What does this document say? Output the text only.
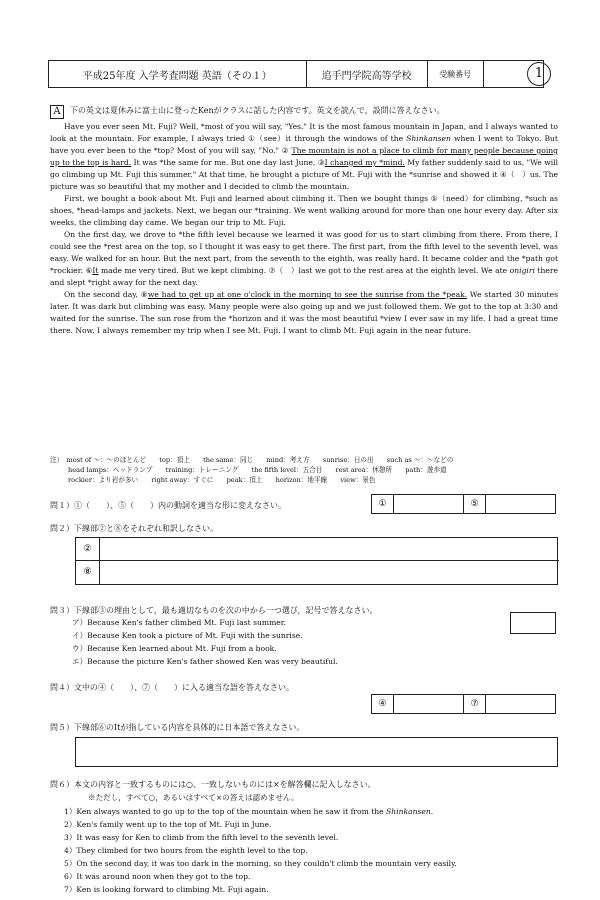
平成25年度 入学考査問題 英語（その１）	追手門学院高等学校	受験番号			1
A	下の英文は夏休みに富士山に登ったKenがクラスに話した内容です。英文を読んで，設問に答えなさい。

Have you ever seen Mt. Fuji? Well, *most of you will say, "Yes." It is the most famous mountain in Japan, and I always wanted to look at the mountain. For example, I always tried ①（see）it through the windows of the Shinkansen when I went to Tokyo. But have you ever been to the *top? Most of you will say, "No." ② The mountain is not a place to climb for many people because going up to the top is hard. It was *the same for me. But one day last June, ③I changed my *mind. My father suddenly said to us, "We will go climbing up Mt. Fuji this summer." At that time, he brought a picture of Mt. Fuji with the *sunrise and showed it ④（　）us. The picture was so beautiful that my mother and I decided to climb the mountain.

First, we bought a book about Mt. Fuji and learned about climbing it. Then we bought things ⑤（need）for climbing, *such as shoes, *head-lamps and jackets. Next, we began our *training. We went walking around for more than one hour every day. After six weeks, the climbing day came. We began our trip to Mt. Fuji.

On the first day, we drove to *the fifth level because we learned it was good for us to start climbing from there. From there, I could see the *rest area on the top, so I thought it was easy to get there. The first part, from the fifth level to the seventh level, was easy. We walked for an hour. But the next part, from the seventh to the eighth, was really hard. It became colder and the *path got *rockier. ⑥It made me very tired. But we kept climbing. ⑦（　）last we got to the rest area at the eighth level. We ate onigiri there and slept *right away for the next day.

On the second day, ⑧we had to get up at one o'clock in the morning to see the sunrise from the *peak. We started 30 minutes later. It was dark but climbing was easy. Many people were also going up and we just followed them. We got to the top at 3:30 and waited for the sunrise. The sun rose from the *horizon and it was the most beautiful *view I ever saw in my life. I had a great time there. Now, I always remember my trip when I see Mt. Fuji. I want to climb Mt. Fuji again in the near future.

注）　 most of ～：～のほとんど　　top：頂上　　the same：同じ　　mind：考え方　　sunrise：日の出　　such as ～：～などの
head lamps：ヘッドランプ　　training：トレーニング　　the fifth level：五合目　　rest area：休憩所　　path：遊歩道
rockier：より岩が多い　　right away：すぐに　　peak：頂上　　horizon：地平線　　view：景色
問１）①（　　）、⑤（　　）内の動詞を適当な形に変えなさい。	①	⑤
問２）下線部②と⑧をそれぞれ和訳しなさい。
②
⑧
問３）下線部③の理由として，最も適切なものを次の中から一つ選び，記号で答えなさい。
ア）Because Ken's father climbed Mt. Fuji last summer.
イ）Because Ken took a picture of Mt. Fuji with the sunrise.
ウ）Because Ken learned about Mt. Fuji from a book.
エ）Because the picture Ken's father showed Ken was very beautiful.
問４）文中の④（　　）、⑦（　　）に入る適当な語を答えなさい。
④	⑦
問５）下線部⑥のItが指している内容を具体的に日本語で答えなさい。
問６）本文の内容と一致するものには○、一致しないものには×を解答欄に記入しなさい。
※ただし，すべて○，あるいはすべて×の答えは認めません。
1）Ken always wanted to go up to the top of the mountain when he saw it from the Shinkansen.
2）Ken's family went up to the top of Mt. Fuji in June.
3）It was easy for Ken to climb from the fifth level to the seventh level.
4）They climbed for two hours from the eighth level to the top.
5）On the second day, it was too dark in the morning, so they couldn't climb the mountain very easily.
6）It was around noon when they got to the top.
7）Ken is looking forward to climbing Mt. Fuji again.
